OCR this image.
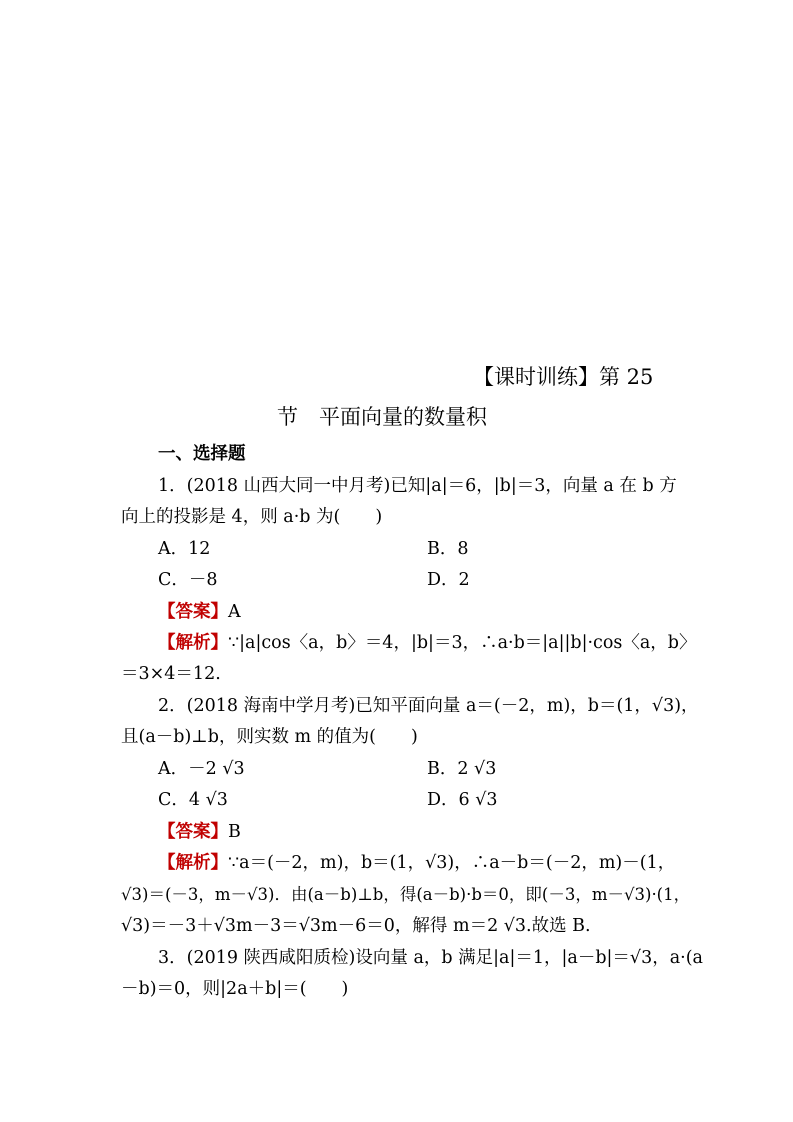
【课时训练】第 25
节　平面向量的数量积
一、选择题
1．(2018 山西大同一中月考)已知|a|＝6，|b|＝3，向量 a 在 b 方
向上的投影是 4，则 a·b 为(　　)
A．12	B．8
C．－8	D．2
【答案】A
【解析】∵|a|cos〈a，b〉＝4，|b|＝3，∴a·b＝|a||b|·cos〈a，b〉
＝3×4＝12.
2．(2018 海南中学月考)已知平面向量 a＝(－2，m)，b＝(1，√3)，
且(a－b)⊥b，则实数 m 的值为(　　)
A．－2 √3	B．2 √3
C．4 √3	D．6 √3
【答案】B
【解析】∵a＝(－2，m)，b＝(1，√3)，∴a－b＝(－2，m)－(1，
√3)＝(－3，m－√3)．由(a－b)⊥b，得(a－b)·b＝0，即(－3，m－√3)·(1，
√3)＝－3＋√3m－3＝√3m－6＝0，解得 m＝2 √3.故选 B.
3．(2019 陕西咸阳质检)设向量 a，b 满足|a|＝1，|a－b|＝√3，a·(a
－b)＝0，则|2a＋b|＝(　　)
